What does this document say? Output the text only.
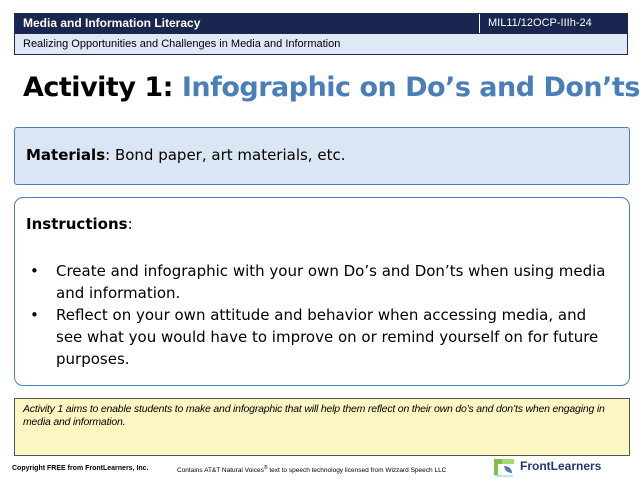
Media and Information Literacy	MIL11/12OCP-IIIh-24
Realizing Opportunities and Challenges in Media and Information
Activity 1: Infographic on Do’s and Don’ts
Materials: Bond paper, art materials, etc.
Instructions:
• Create and infographic with your own Do’s and Don’ts when using media and information.
• Reflect on your own attitude and behavior when accessing media, and see what you would have to improve on or remind yourself on for future purposes.
Activity 1 aims to enable students to make and infographic that will help them reflect on their own do’s and don’ts when engaging in media and information.
Copyright FREE from FrontLearners, Inc.	Contains AT&T Natural Voices® text to speech technology licensed from Wizzard Speech LLC	FrontLearners
